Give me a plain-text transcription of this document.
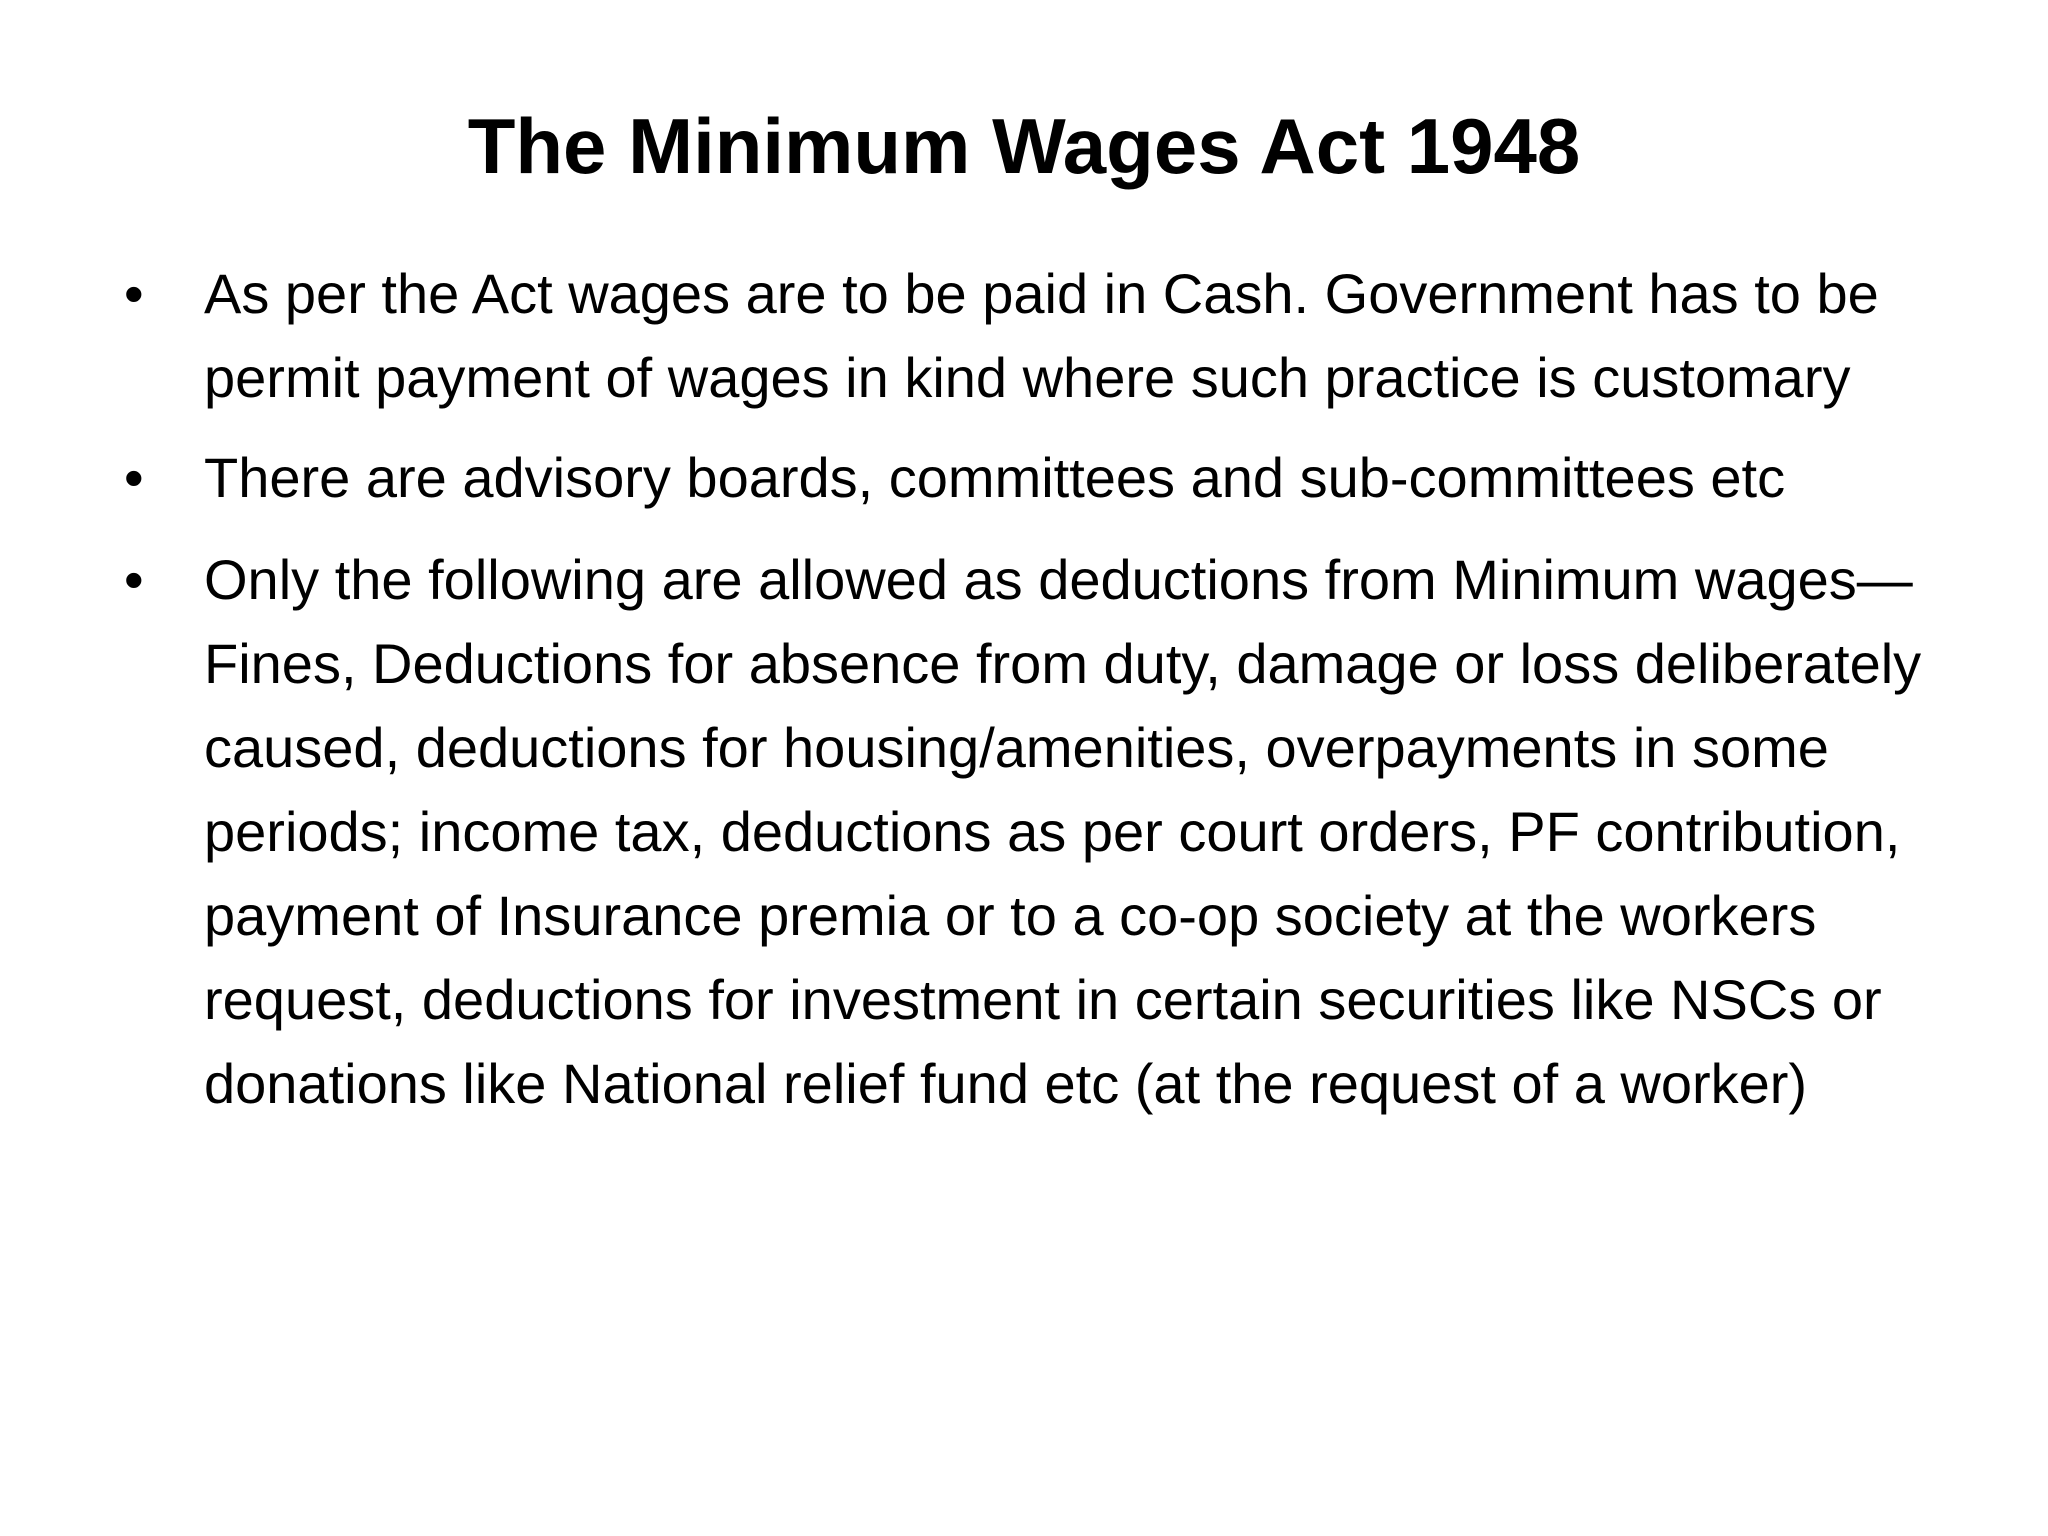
The Minimum Wages Act 1948
•	As per the Act wages are to be paid in Cash. Government has to be permit payment of wages in kind where such practice is customary
•	There are advisory boards, committees and sub-committees etc
•	Only the following are allowed as deductions from Minimum wages—Fines, Deductions for absence from duty, damage or loss deliberately caused, deductions for housing/amenities, overpayments in some periods; income tax, deductions as per court orders, PF contribution, payment of Insurance premia or to a co-op society at the workers request, deductions for investment in certain securities like NSCs or donations like National relief fund etc (at the request of a worker)
